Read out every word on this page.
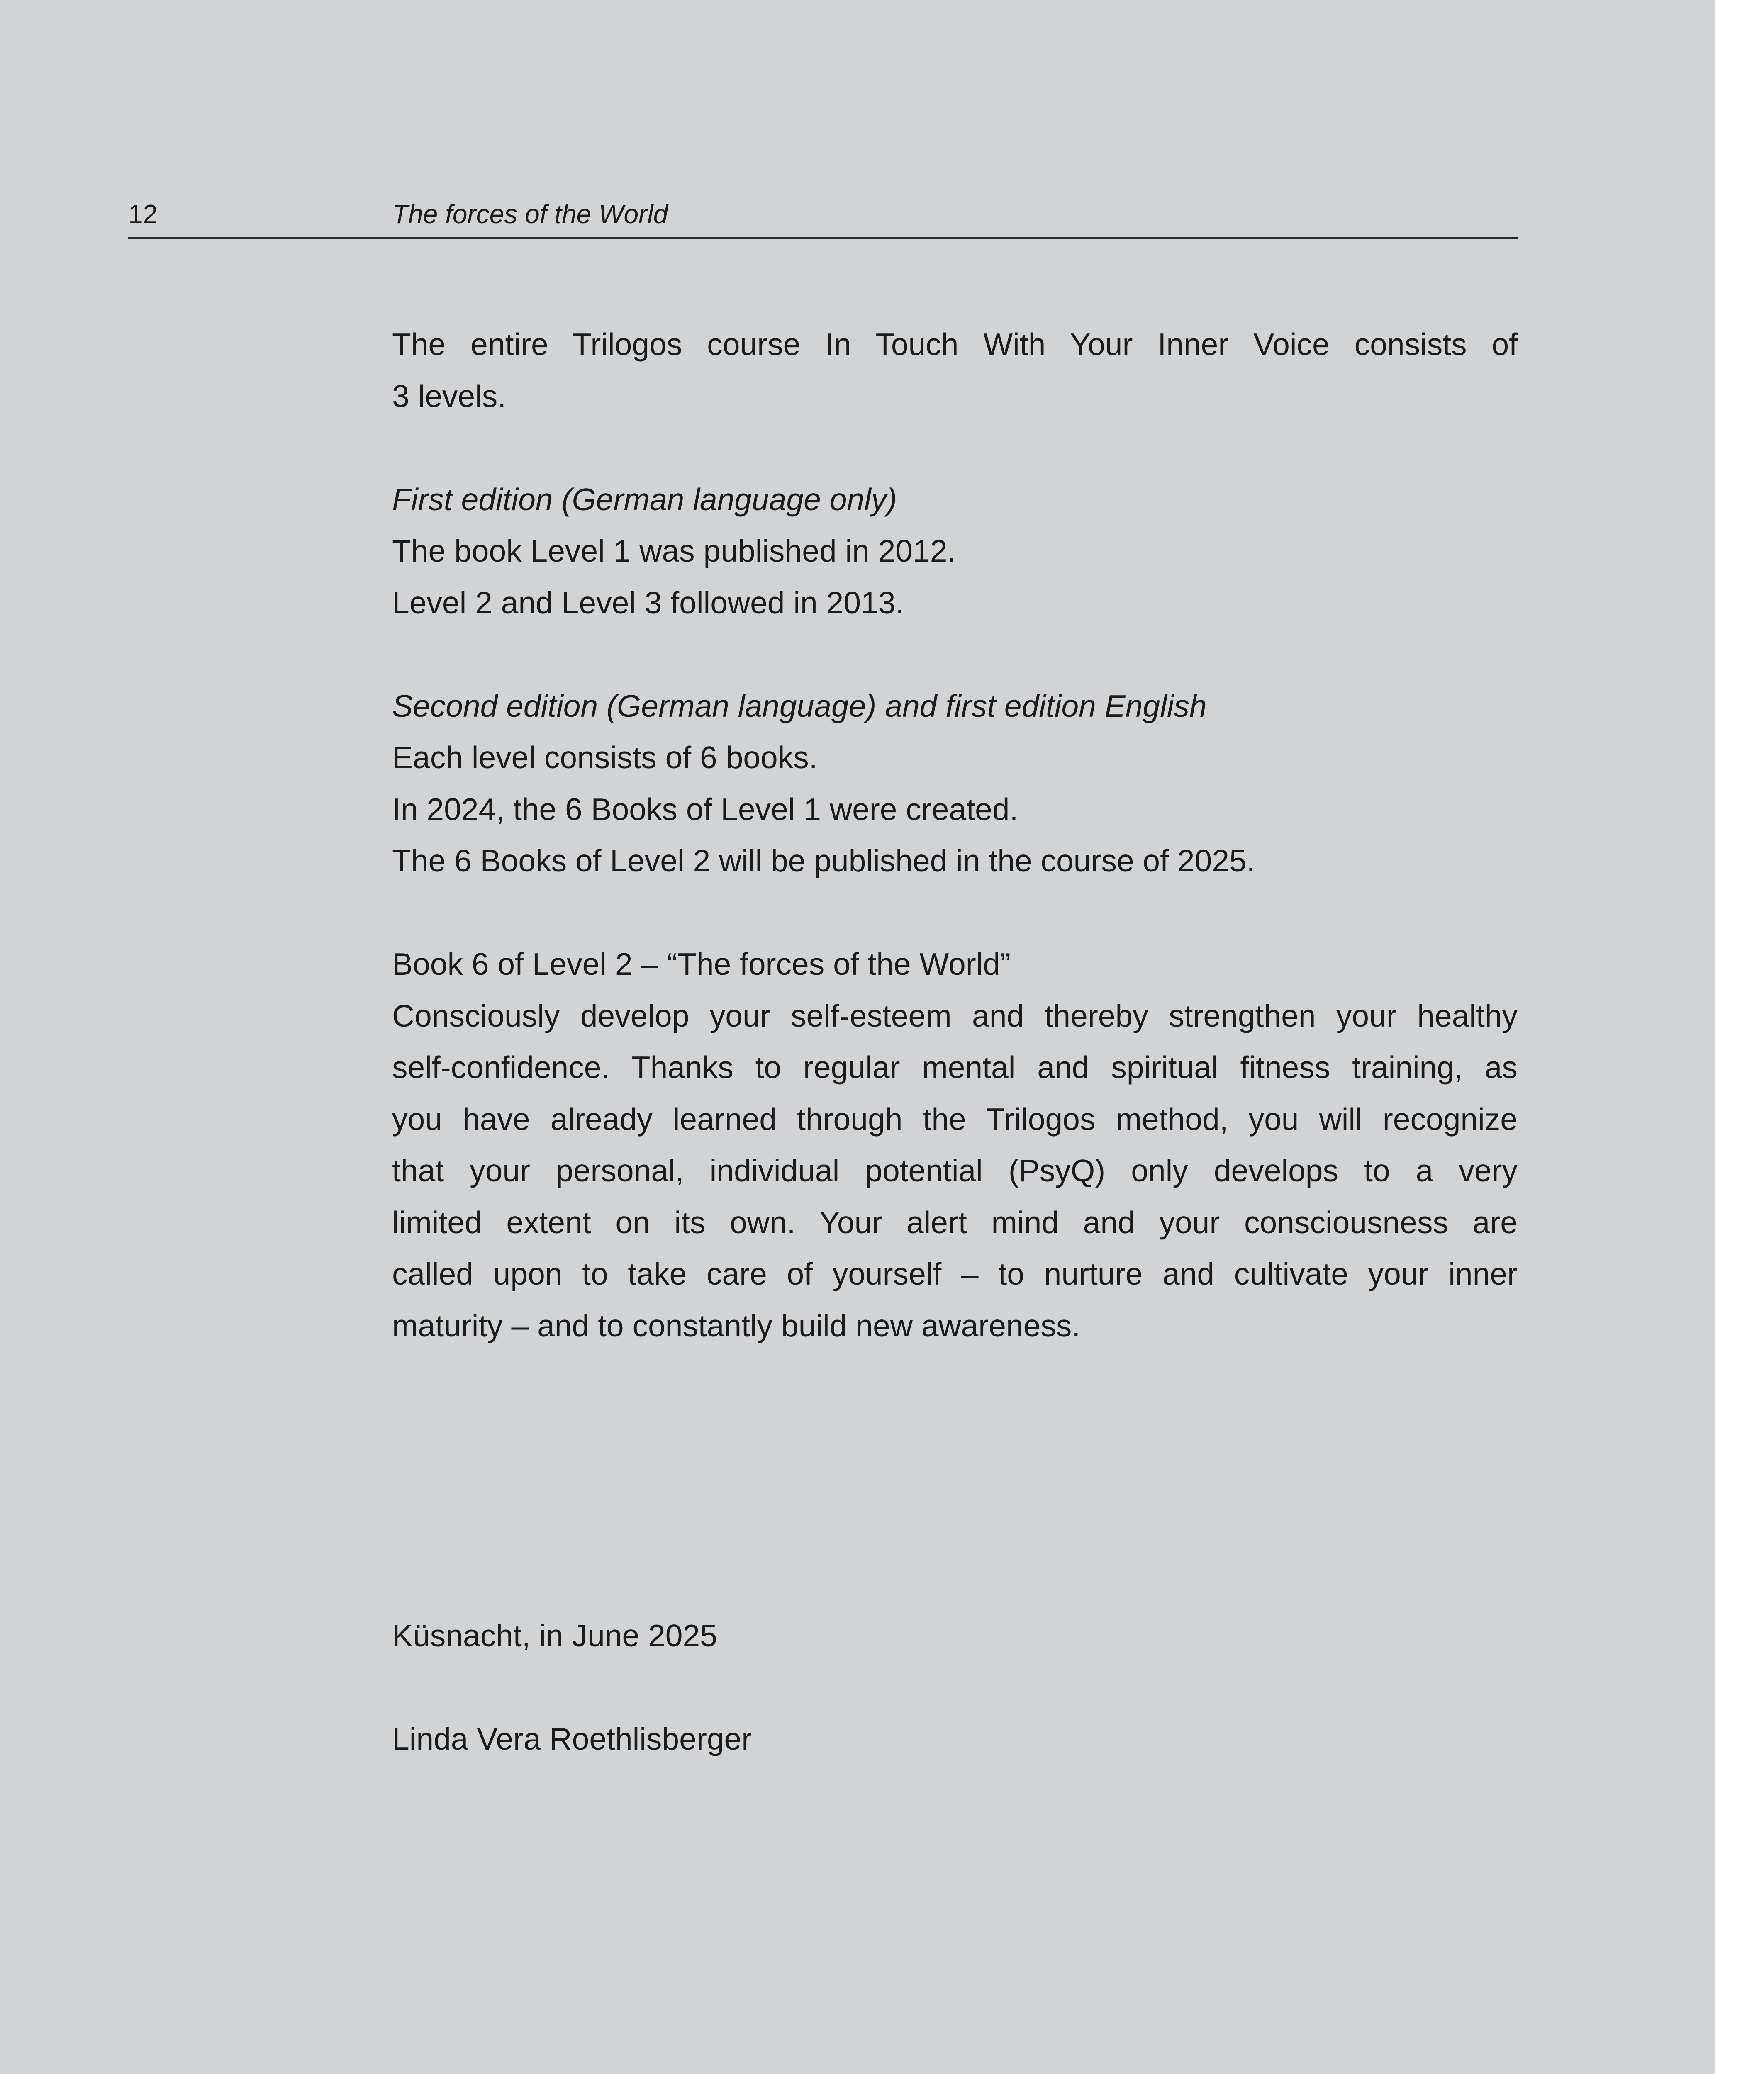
12	The forces of the World
The entire Trilogos course In Touch With Your Inner Voice consists of
3 levels.
First edition (German language only)
The book Level 1 was published in 2012.
Level 2 and Level 3 followed in 2013.
Second edition (German language) and first edition English
Each level consists of 6 books.
In 2024, the 6 Books of Level 1 were created.
The 6 Books of Level 2 will be published in the course of 2025.
Book 6 of Level 2 – “The forces of the World”
Consciously develop your self-esteem and thereby strengthen your healthy
self-confidence. Thanks to regular mental and spiritual fitness training, as
you have already learned through the Trilogos method, you will recognize
that your personal, individual potential (PsyQ) only develops to a very
limited extent on its own. Your alert mind and your consciousness are
called upon to take care of yourself – to nurture and cultivate your inner
maturity – and to constantly build new awareness.
Küsnacht, in June 2025
Linda Vera Roethlisberger
